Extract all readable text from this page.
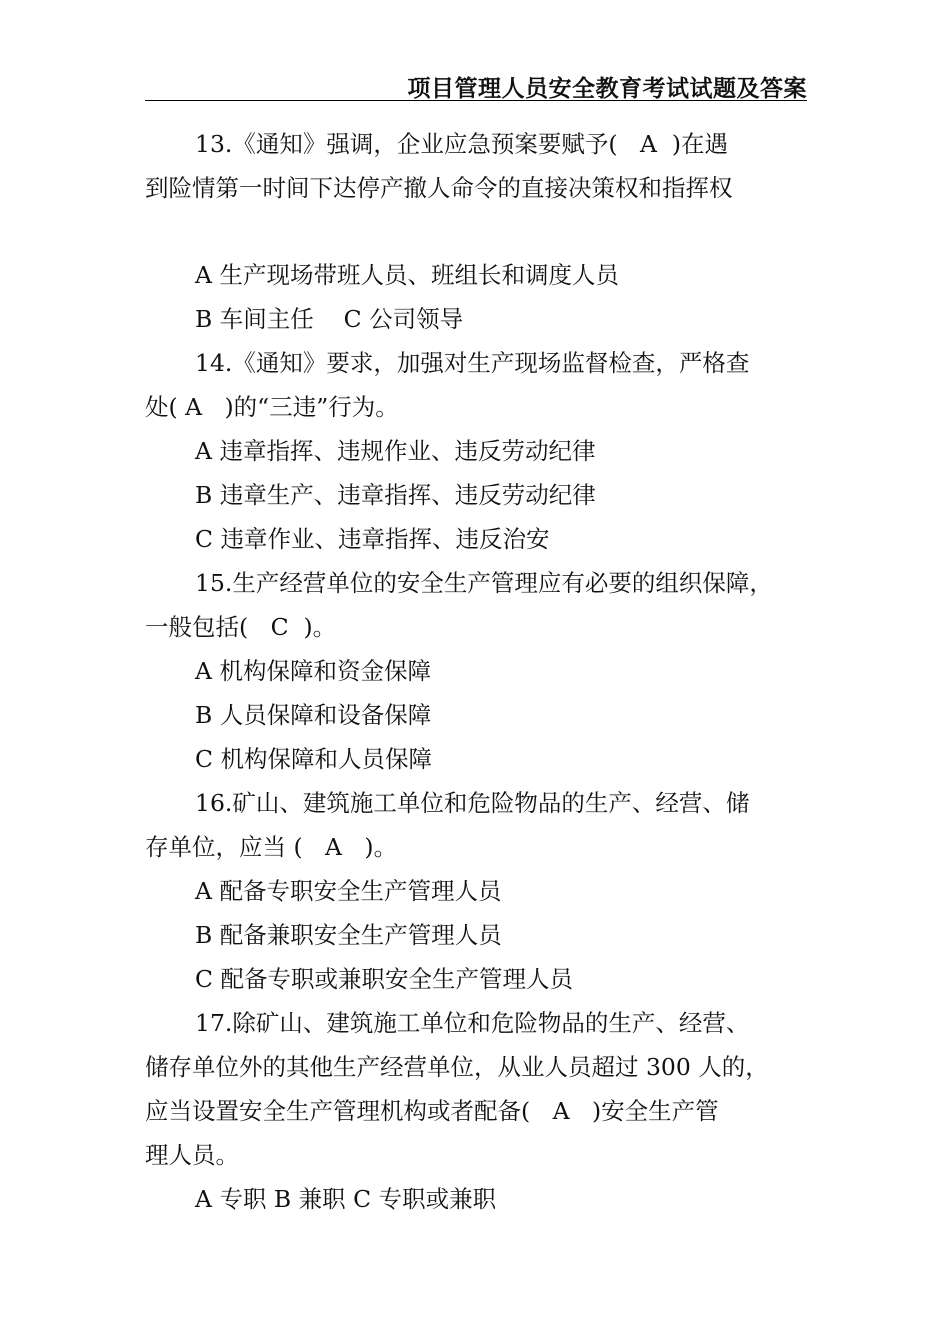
项目管理人员安全教育考试试题及答案
13.《通知》强调，企业应急预案要赋予(   A  )在遇
到险情第一时间下达停产撤人命令的直接决策权和指挥权
A 生产现场带班人员、班组长和调度人员
B 车间主任    C 公司领导
14.《通知》要求，加强对生产现场监督检查，严格查
处( A   )的“三违”行为。
A 违章指挥、违规作业、违反劳动纪律
B 违章生产、违章指挥、违反劳动纪律
C 违章作业、违章指挥、违反治安
15.生产经营单位的安全生产管理应有必要的组织保障，
一般包括(   C  )。
A 机构保障和资金保障
B 人员保障和设备保障
C 机构保障和人员保障
16.矿山、建筑施工单位和危险物品的生产、经营、储
存单位，应当 (   A   )。
A 配备专职安全生产管理人员
B 配备兼职安全生产管理人员
C 配备专职或兼职安全生产管理人员
17.除矿山、建筑施工单位和危险物品的生产、经营、
储存单位外的其他生产经营单位，从业人员超过 300 人的，
应当设置安全生产管理机构或者配备(   A   )安全生产管
理人员。
A 专职 B 兼职 C 专职或兼职
